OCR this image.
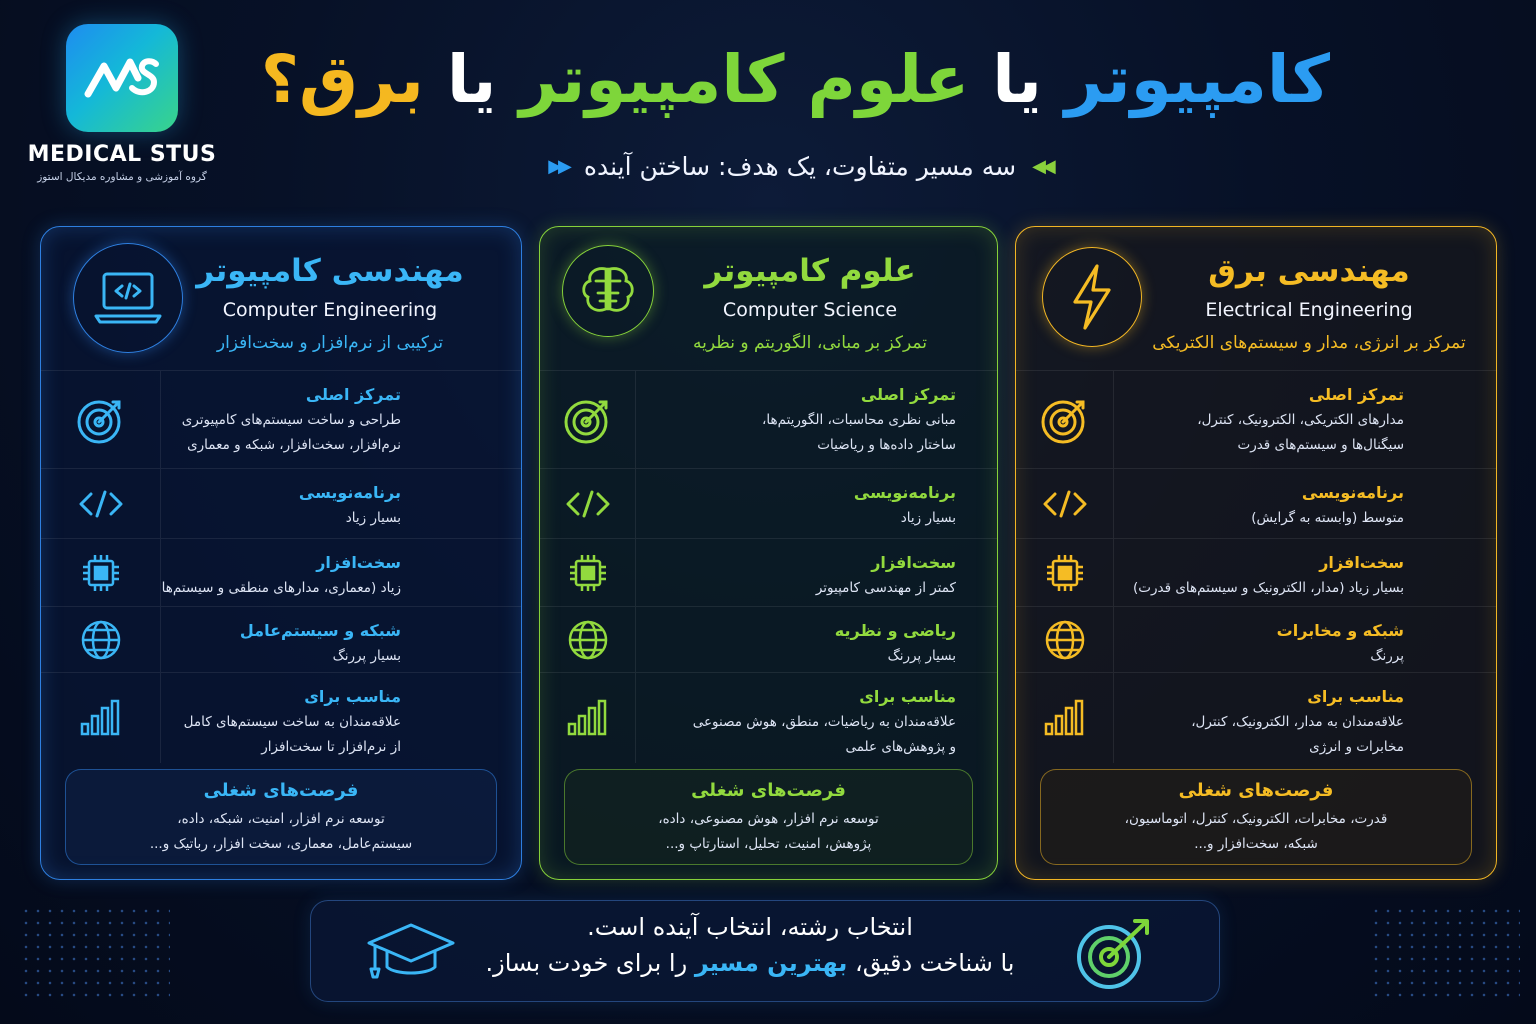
MEDICAL STUS
گروه آموزشی و مشاوره مدیکال استوز
کامپیوتر یا علوم کامپیوتر یا برق؟
◀◀
سه مسیر متفاوت، یک هدف: ساختن آینده
▶▶
مهندسی کامپیوتر
Computer Engineering
ترکیبی از نرم‌افزار و سخت‌افزار
تمرکز اصلی
طراحی و ساخت سیستم‌های کامپیوتری
نرم‌افزار، سخت‌افزار، شبکه و معماری
برنامه‌نویسی
بسیار زیاد
سخت‌افزار
زیاد (معماری، مدارهای منطقی و سیستم‌ها
شبکه و سیستم‌عامل
بسیار پررنگ
مناسب برای
علاقه‌مندان به ساخت سیستم‌های کامل
از نرم‌افزار تا سخت‌افزار
فرصت‌های شغلی
توسعه نرم افزار، امنیت، شبکه، داده،
سیستم‌عامل، معماری، سخت افزار، رباتیک و...
علوم کامپیوتر
Computer Science
تمرکز بر مبانی، الگوریتم و نظریه
تمرکز اصلی
مبانی نظری محاسبات، الگوریتم‌ها،
ساختار داده‌ها و ریاضیات
برنامه‌نویسی
بسیار زیاد
سخت‌افزار
کمتر از مهندسی کامپیوتر
ریاضی و نظریه
بسیار پررنگ
مناسب برای
علاقه‌مندان به ریاضیات، منطق، هوش مصنوعی
و پژوهش‌های علمی
فرصت‌های شغلی
توسعه نرم افزار، هوش مصنوعی، داده،
پژوهش، امنیت، تحلیل، استارتاپ و...
مهندسی برق
Electrical Engineering
تمرکز بر انرژی، مدار و سیستم‌های الکتریکی
تمرکز اصلی
مدارهای الکتریکی، الکترونیک، کنترل،
سیگنال‌ها و سیستم‌های قدرت
برنامه‌نویسی
متوسط (وابسته به گرایش)
سخت‌افزار
بسیار زیاد (مدار، الکترونیک و سیستم‌های قدرت)
شبکه و مخابرات
پررنگ
مناسب برای
علاقه‌مندان به مدار، الکترونیک، کنترل،
مخابرات و انرژی
فرصت‌های شغلی
قدرت، مخابرات، الکترونیک، کنترل، اتوماسیون،
شبکه، سخت‌افزار و...
انتخاب رشته، انتخاب آینده است.
با شناخت دقیق، بهترین مسیر را برای خودت بساز.
